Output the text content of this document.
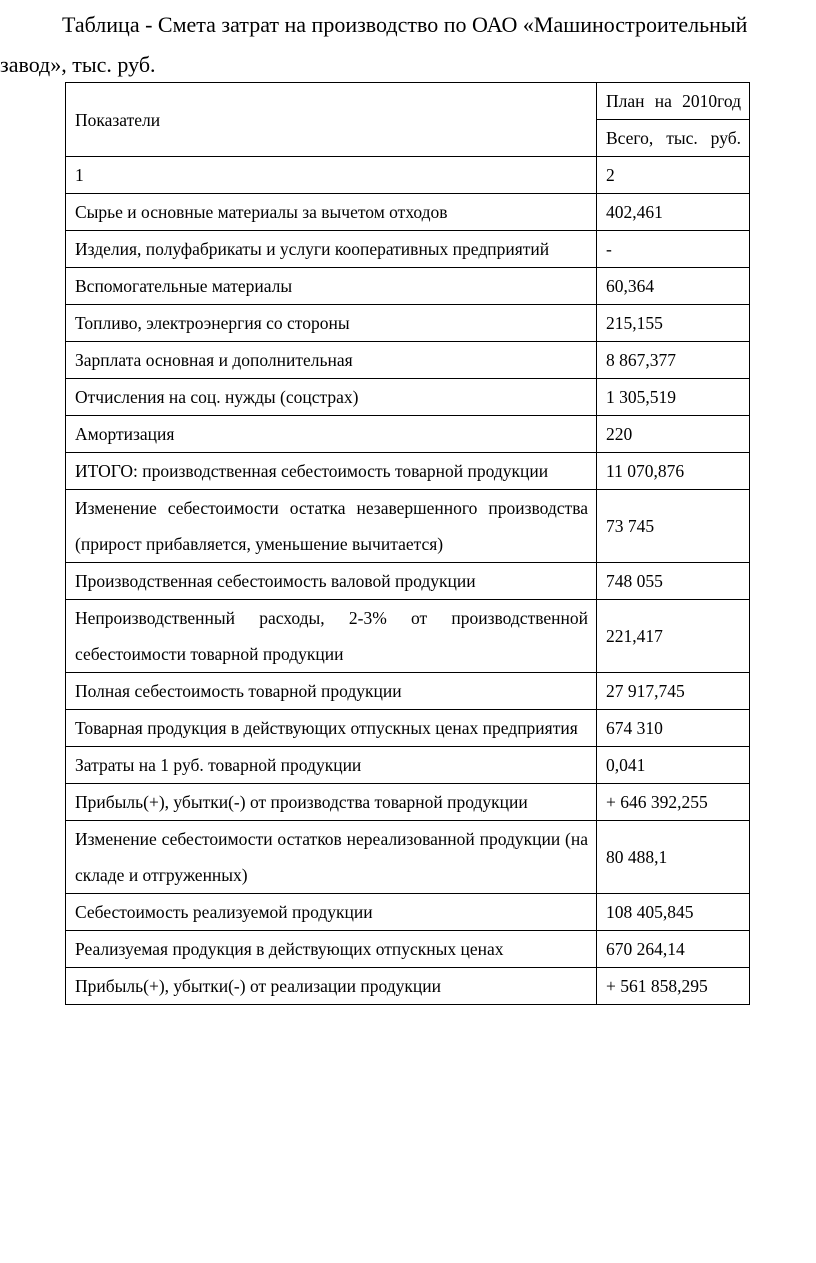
Таблица - Смета затрат на производство по ОАО «Машиностроительный
завод», тыс. руб.

Показатели	План на 2010год
	Всего, тыс. руб.
1	2
Сырье и основные материалы за вычетом отходов	402,461
Изделия, полуфабрикаты и услуги кооперативных предприятий	-
Вспомогательные материалы	60,364
Топливо, электроэнергия со стороны	215,155
Зарплата основная и дополнительная	8 867,377
Отчисления на соц. нужды (соцстрах)	1 305,519
Амортизация	220
ИТОГО: производственная себестоимость товарной продукции	11 070,876
Изменение себестоимости остатка незавершенного производства (прирост прибавляется, уменьшение вычитается)	73 745
Производственная себестоимость валовой продукции	748 055
Непроизводственный расходы, 2-3% от производственной себестоимости товарной продукции	221,417
Полная себестоимость товарной продукции	27 917,745
Товарная продукция в действующих отпускных ценах предприятия	674 310
Затраты на 1 руб. товарной продукции	0,041
Прибыль(+), убытки(-) от производства товарной продукции	+ 646 392,255
Изменение себестоимости остатков нереализованной продукции (на складе и отгруженных)	80 488,1
Себестоимость реализуемой продукции	108 405,845
Реализуемая продукция в действующих отпускных ценах	670 264,14
Прибыль(+), убытки(-) от реализации продукции	+ 561 858,295
